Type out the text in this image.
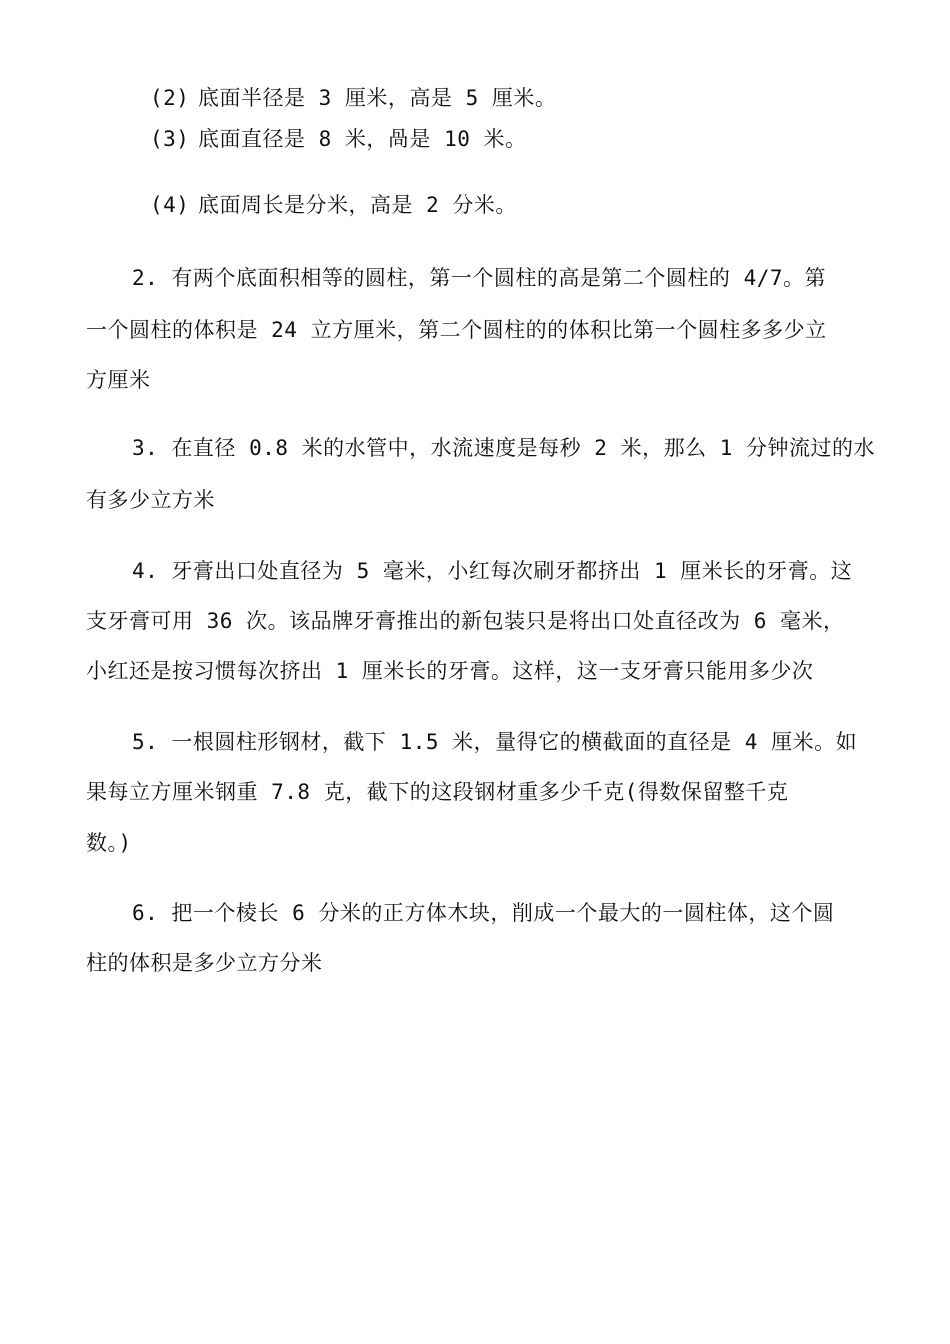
(2) 底面半径是 3 厘米，高是 5 厘米。
(3) 底面直径是 8 米，咼是 10 米。
(4) 底面周长是分米，高是 2 分米。
2. 有两个底面积相等的圆柱，第一个圆柱的高是第二个圆柱的 4/7。第
一个圆柱的体积是 24 立方厘米，第二个圆柱的的体积比第一个圆柱多多少立
方厘米
3. 在直径 0.8 米的水管中，水流速度是每秒 2 米，那么 1 分钟流过的水
有多少立方米
4. 牙膏出口处直径为 5 毫米，小红每次刷牙都挤出 1 厘米长的牙膏。这
支牙膏可用 36 次。该品牌牙膏推出的新包装只是将出口处直径改为 6 毫米，
小红还是按习惯每次挤出 1 厘米长的牙膏。这样，这一支牙膏只能用多少次
5. 一根圆柱形钢材，截下 1.5 米，量得它的横截面的直径是 4 厘米。如
果每立方厘米钢重 7.8 克，截下的这段钢材重多少千克(得数保留整千克
数。)
6. 把一个棱长 6 分米的正方体木块，削成一个最大的一圆柱体，这个圆
柱的体积是多少立方分米
